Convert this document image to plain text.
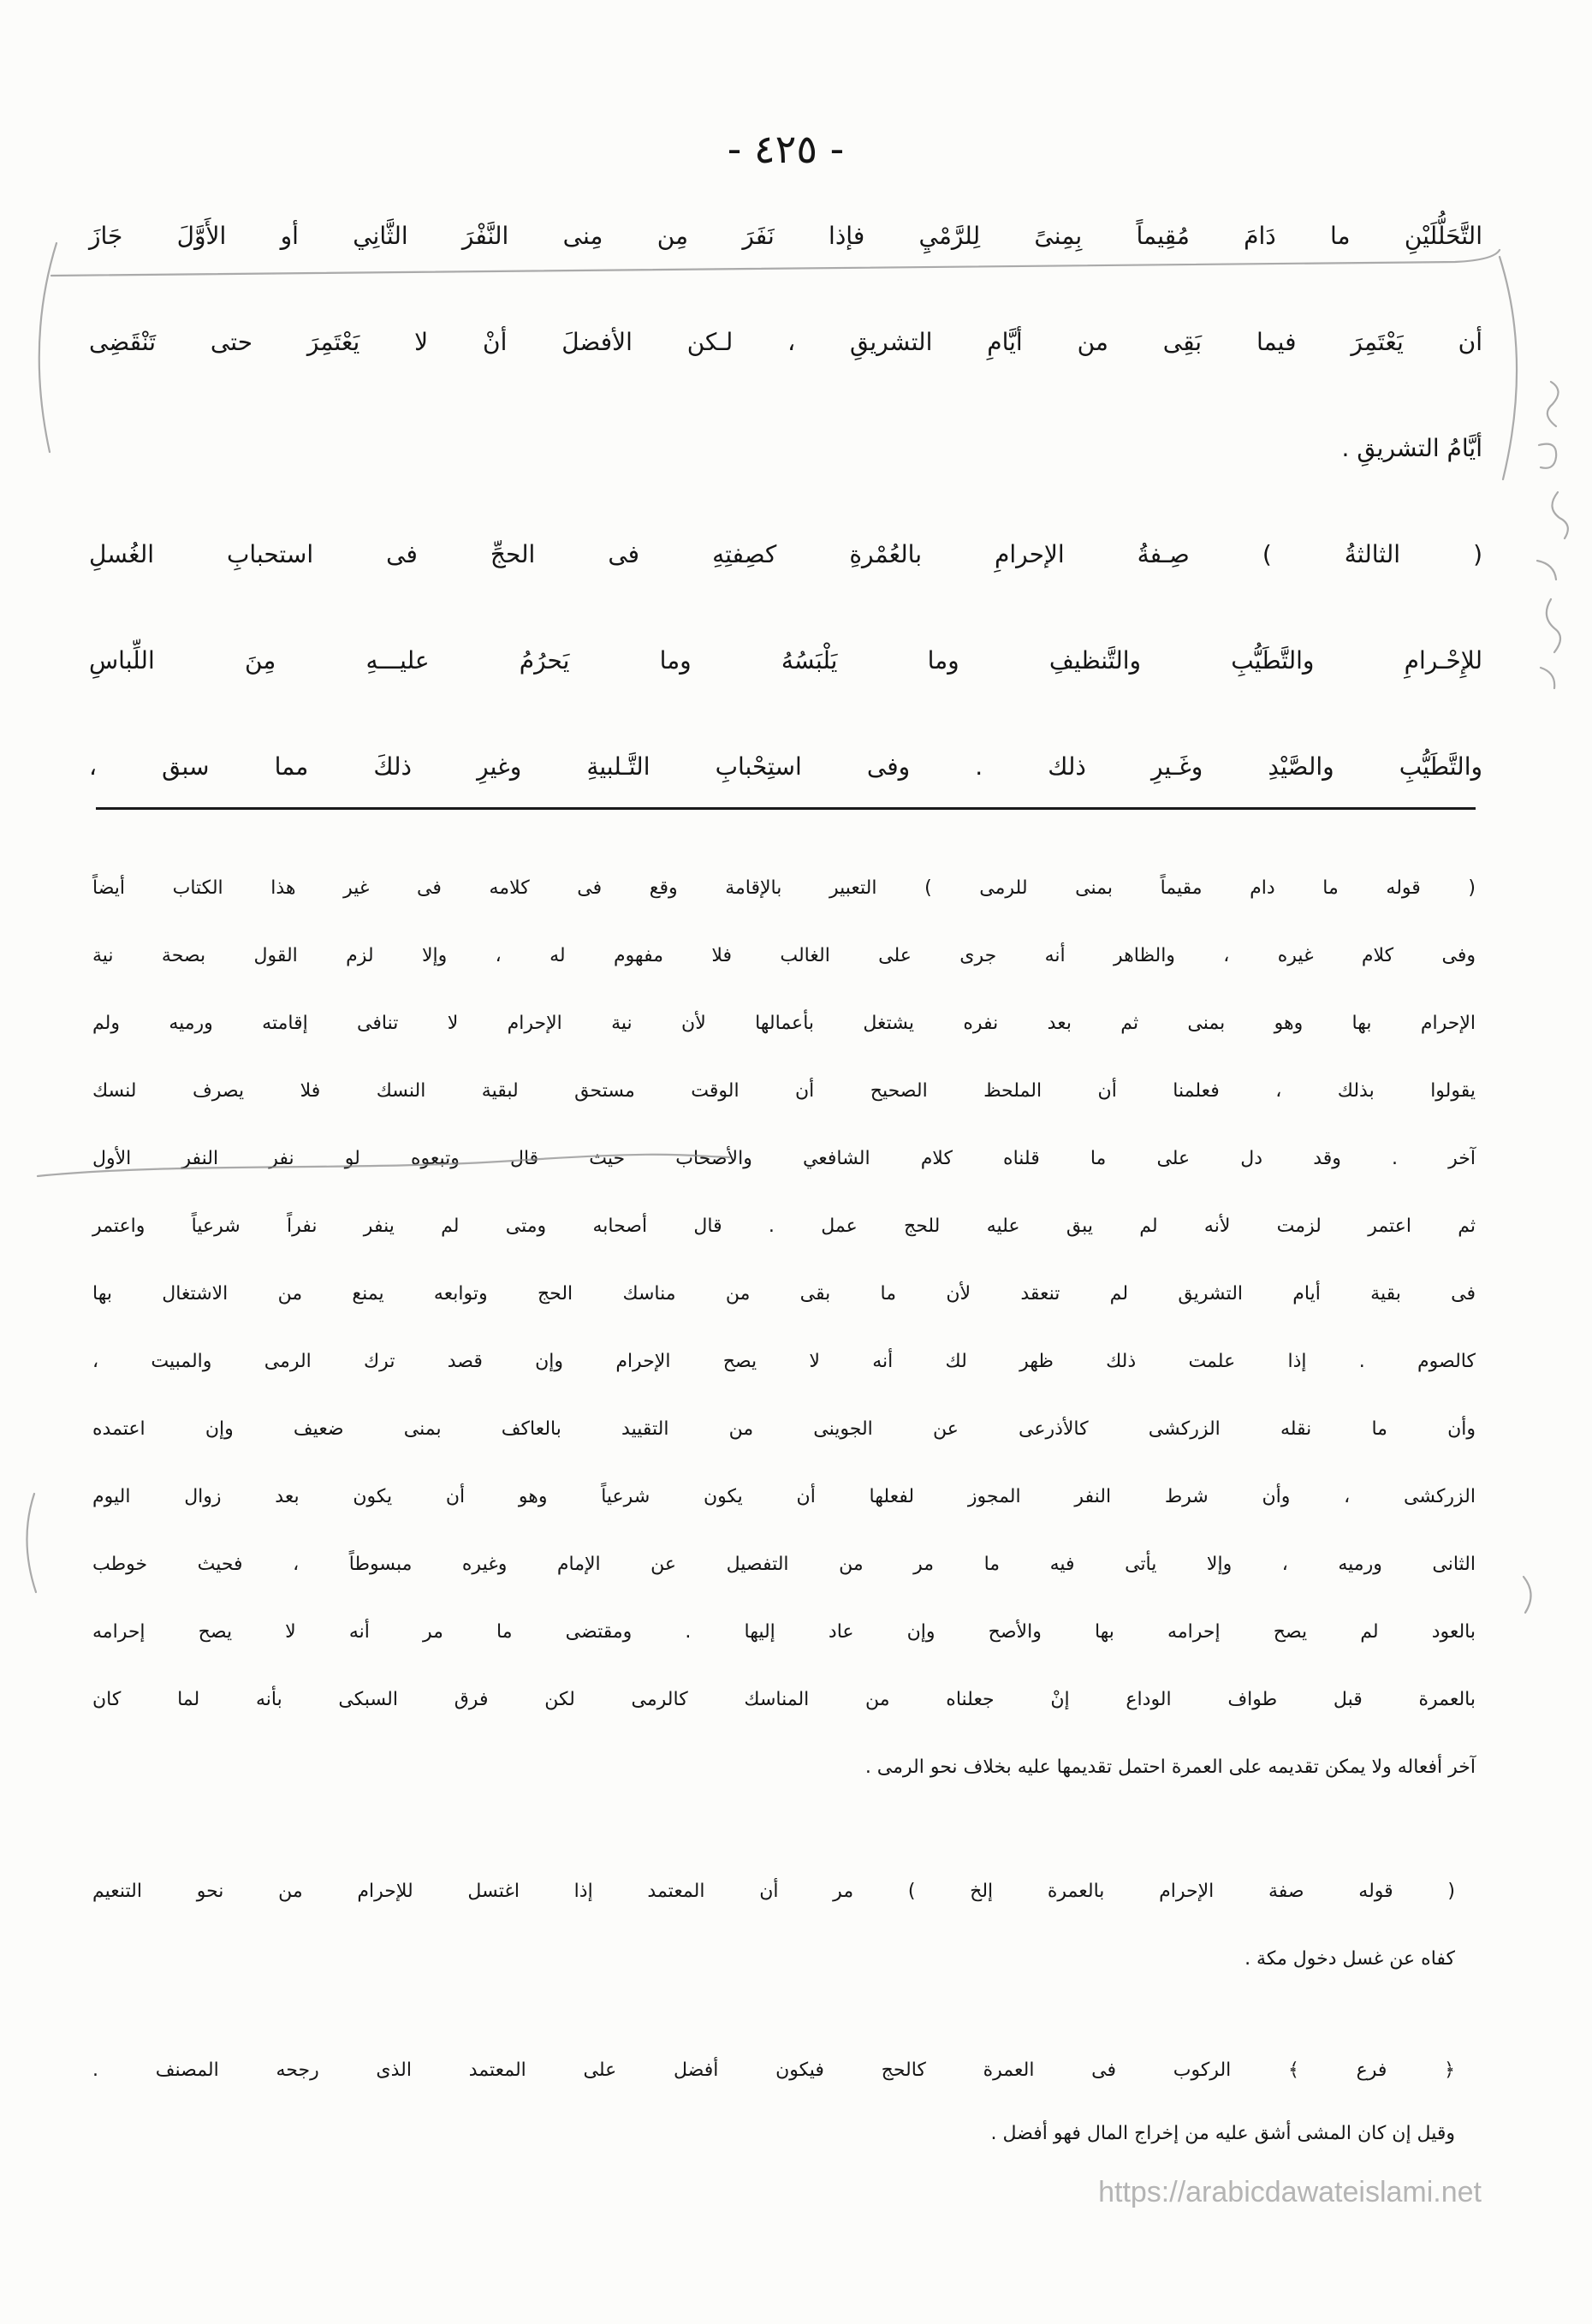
- ٤٢٥ -
التَّحَلُّلَيْنِ ما دَامَ مُقِيماً بِمِنىً لِلرَّمْيِ فإذا نَفَرَ مِن مِنى النَّفْرَ الثَّانِي أو الأَوَّلَ جَازَ
أن يَعْتَمِرَ فيما بَقِى من أيَّامِ التشريقِ ، لـكن الأفضلَ أنْ لا يَعْتَمِرَ حتى تَنْقَضِى
أيَّامُ التشريقِ .
( الثالثةُ ) صِـفةُ الإحرامِ بالعُمْرةِ كصِفتِهِ فى الحجِّ فى استحبابِ الغُسلِ
للإِحْـرامِ والتَّطَيُّبِ والتَّنظيفِ وما يَلْبَسُهُ وما يَحرُمُ عليـــهِ مِنَ اللِّباسِ
والتَّطَيُّبِ والصَّيْدِ وغَـيرِ ذلك . وفى استِحْبابِ التَّـلبيةِ وغيرِ ذلكَ مما سبق ،
( قوله ما دام مقيماً بمنى للرمى ) التعبير بالإقامة وقع فى كلامه فى غير هذا الكتاب أيضاً
وفى كلام غيره ، والظاهر أنه جرى على الغالب فلا مفهوم له ، وإلا لزم القول بصحة نية
الإحرام بها وهو بمنى ثم بعد نفره يشتغل بأعمالها لأن نية الإحرام لا تنافى إقامته ورميه ولم
يقولوا بذلك ، فعلمنا أن الملحظ الصحيح أن الوقت مستحق لبقية النسك فلا يصرف لنسك
آخر . وقد دل على ما قلناه كلام الشافعي والأصحاب حيث قال وتبعوه لو نفر النفر الأول
ثم اعتمر لزمت لأنه لم يبق عليه للحج عمل . قال أصحابه ومتى لم ينفر نفراً شرعياً واعتمر
فى بقية أيام التشريق لم تنعقد لأن ما بقى من مناسك الحج وتوابعه يمنع من الاشتغال بها
كالصوم . إذا علمت ذلك ظهر لك أنه لا يصح الإحرام وإن قصد ترك الرمى والمبيت ،
وأن ما نقله الزركشى كالأذرعى عن الجوينى من التقييد بالعاكف بمنى ضعيف وإن اعتمده
الزركشى ، وأن شرط النفر المجوز لفعلها أن يكون شرعياً وهو أن يكون بعد زوال اليوم
الثانى ورميه ، وإلا يأتى فيه ما مر من التفصيل عن الإمام وغيره مبسوطاً ، فحيث خوطب
بالعود لم يصح إحرامه بها والأصح وإن عاد إليها . ومقتضى ما مر أنه لا يصح إحرامه
بالعمرة قبل طواف الوداع إنْ جعلناه من المناسك كالرمى لكن فرق السبكى بأنه لما كان
آخر أفعاله ولا يمكن تقديمه على العمرة احتمل تقديمها عليه بخلاف نحو الرمى .
( قوله صفة الإحرام بالعمرة إلخ ) مر أن المعتمد إذا اغتسل للإحرام من نحو التنعيم
كفاه عن غسل دخول مكة .
﴿ فرع ﴾ الركوب فى العمرة كالحج فيكون أفضل على المعتمد الذى رجحه المصنف .
وقيل إن كان المشى أشق عليه من إخراج المال فهو أفضل .
https://arabicdawateislami.net
